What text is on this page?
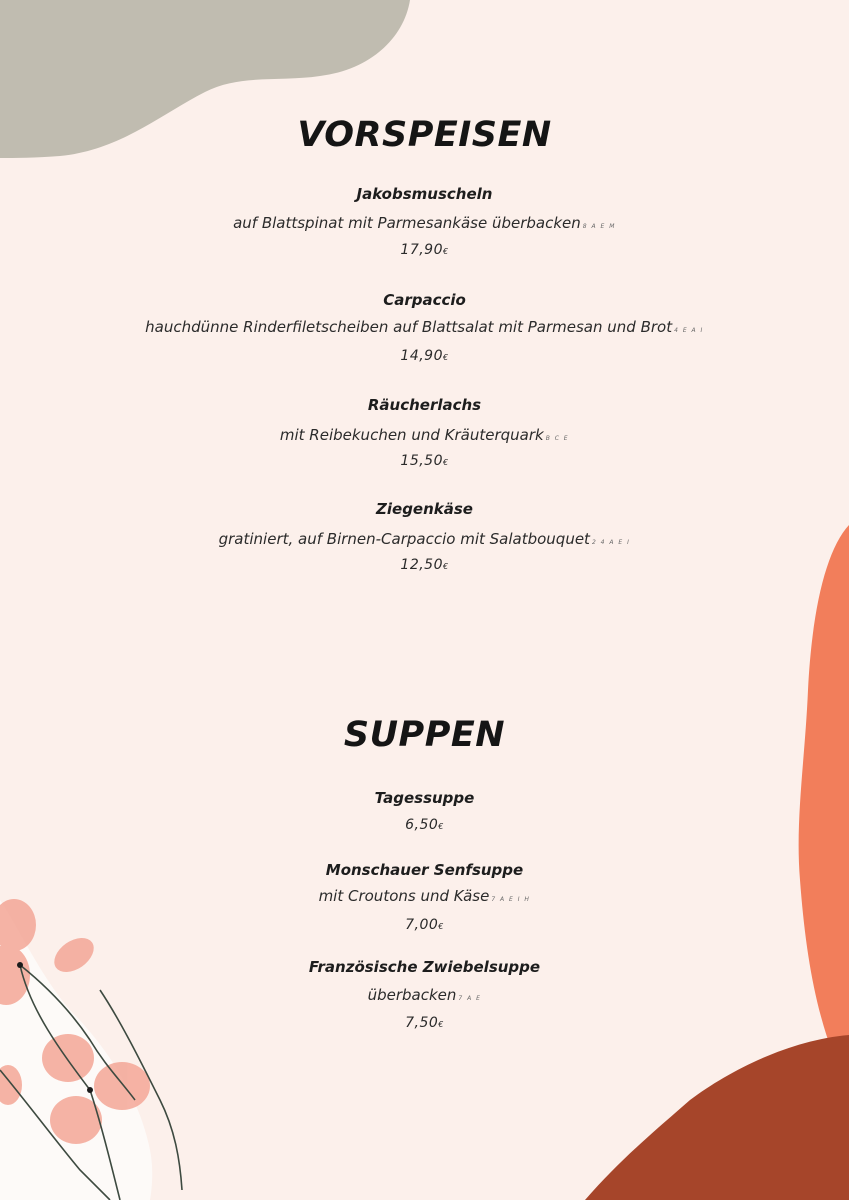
VORSPEISEN
Jakobsmuscheln
auf Blattspinat mit Parmesankäse überbacken 8 A E M
17,90€
Carpaccio
hauchdünne Rinderfiletscheiben auf Blattsalat mit Parmesan und Brot 4 E A I
14,90€
Räucherlachs
mit Reibekuchen und Kräuterquark B C E
15,50€
Ziegenkäse
gratiniert, auf Birnen-Carpaccio mit Salatbouquet 2 4 A E I
12,50€
SUPPEN
Tagessuppe
6,50€
Monschauer Senfsuppe
mit Croutons und Käse 7 A E I H
7,00€
Französische Zwiebelsuppe
überbacken 7 A E
7,50€
